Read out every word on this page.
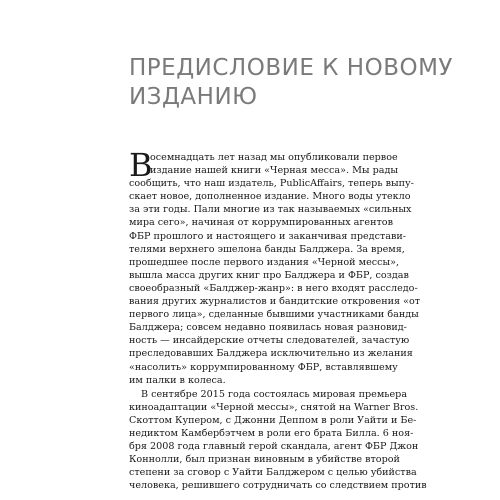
ПРЕДИСЛОВИЕ К НОВОМУ
ИЗДАНИЮ
В
осемнадцать лет назад мы опубликовали первое
издание нашей книги «Черная месса». Мы рады
сообщить, что наш издатель, PublicAffairs, теперь выпу-
скает новое, дополненное издание. Много воды утекло
за эти годы. Пали многие из так называемых «сильных
мира сего», начиная от коррумпированных агентов
ФБР прошлого и настоящего и заканчивая представи-
телями верхнего эшелона банды Балджера. За время,
прошедшее после первого издания «Черной мессы»,
вышла масса других книг про Балджера и ФБР, создав
своеобразный «Балджер-жанр»: в него входят расследо-
вания других журналистов и бандитские откровения «от
первого лица», сделанные бывшими участниками банды
Балджера; совсем недавно появилась новая разновид-
ность — инсайдерские отчеты следователей, зачастую
преследовавших Балджера исключительно из желания
«насолить» коррумпированному ФБР, вставлявшему
им палки в колеса.
В сентябре 2015 года состоялась мировая премьера
киноадаптации «Черной мессы», снятой на Warner Bros.
Скоттом Купером, с Джонни Деппом в роли Уайти и Бе-
недиктом Камбербэтчем в роли его брата Билла. 6 ноя-
бря 2008 года главный герой скандала, агент ФБР Джон
Коннолли, был признан виновным в убийстве второй
степени за сговор с Уайти Балджером с целью убийства
человека, решившего сотрудничать со следствием против
